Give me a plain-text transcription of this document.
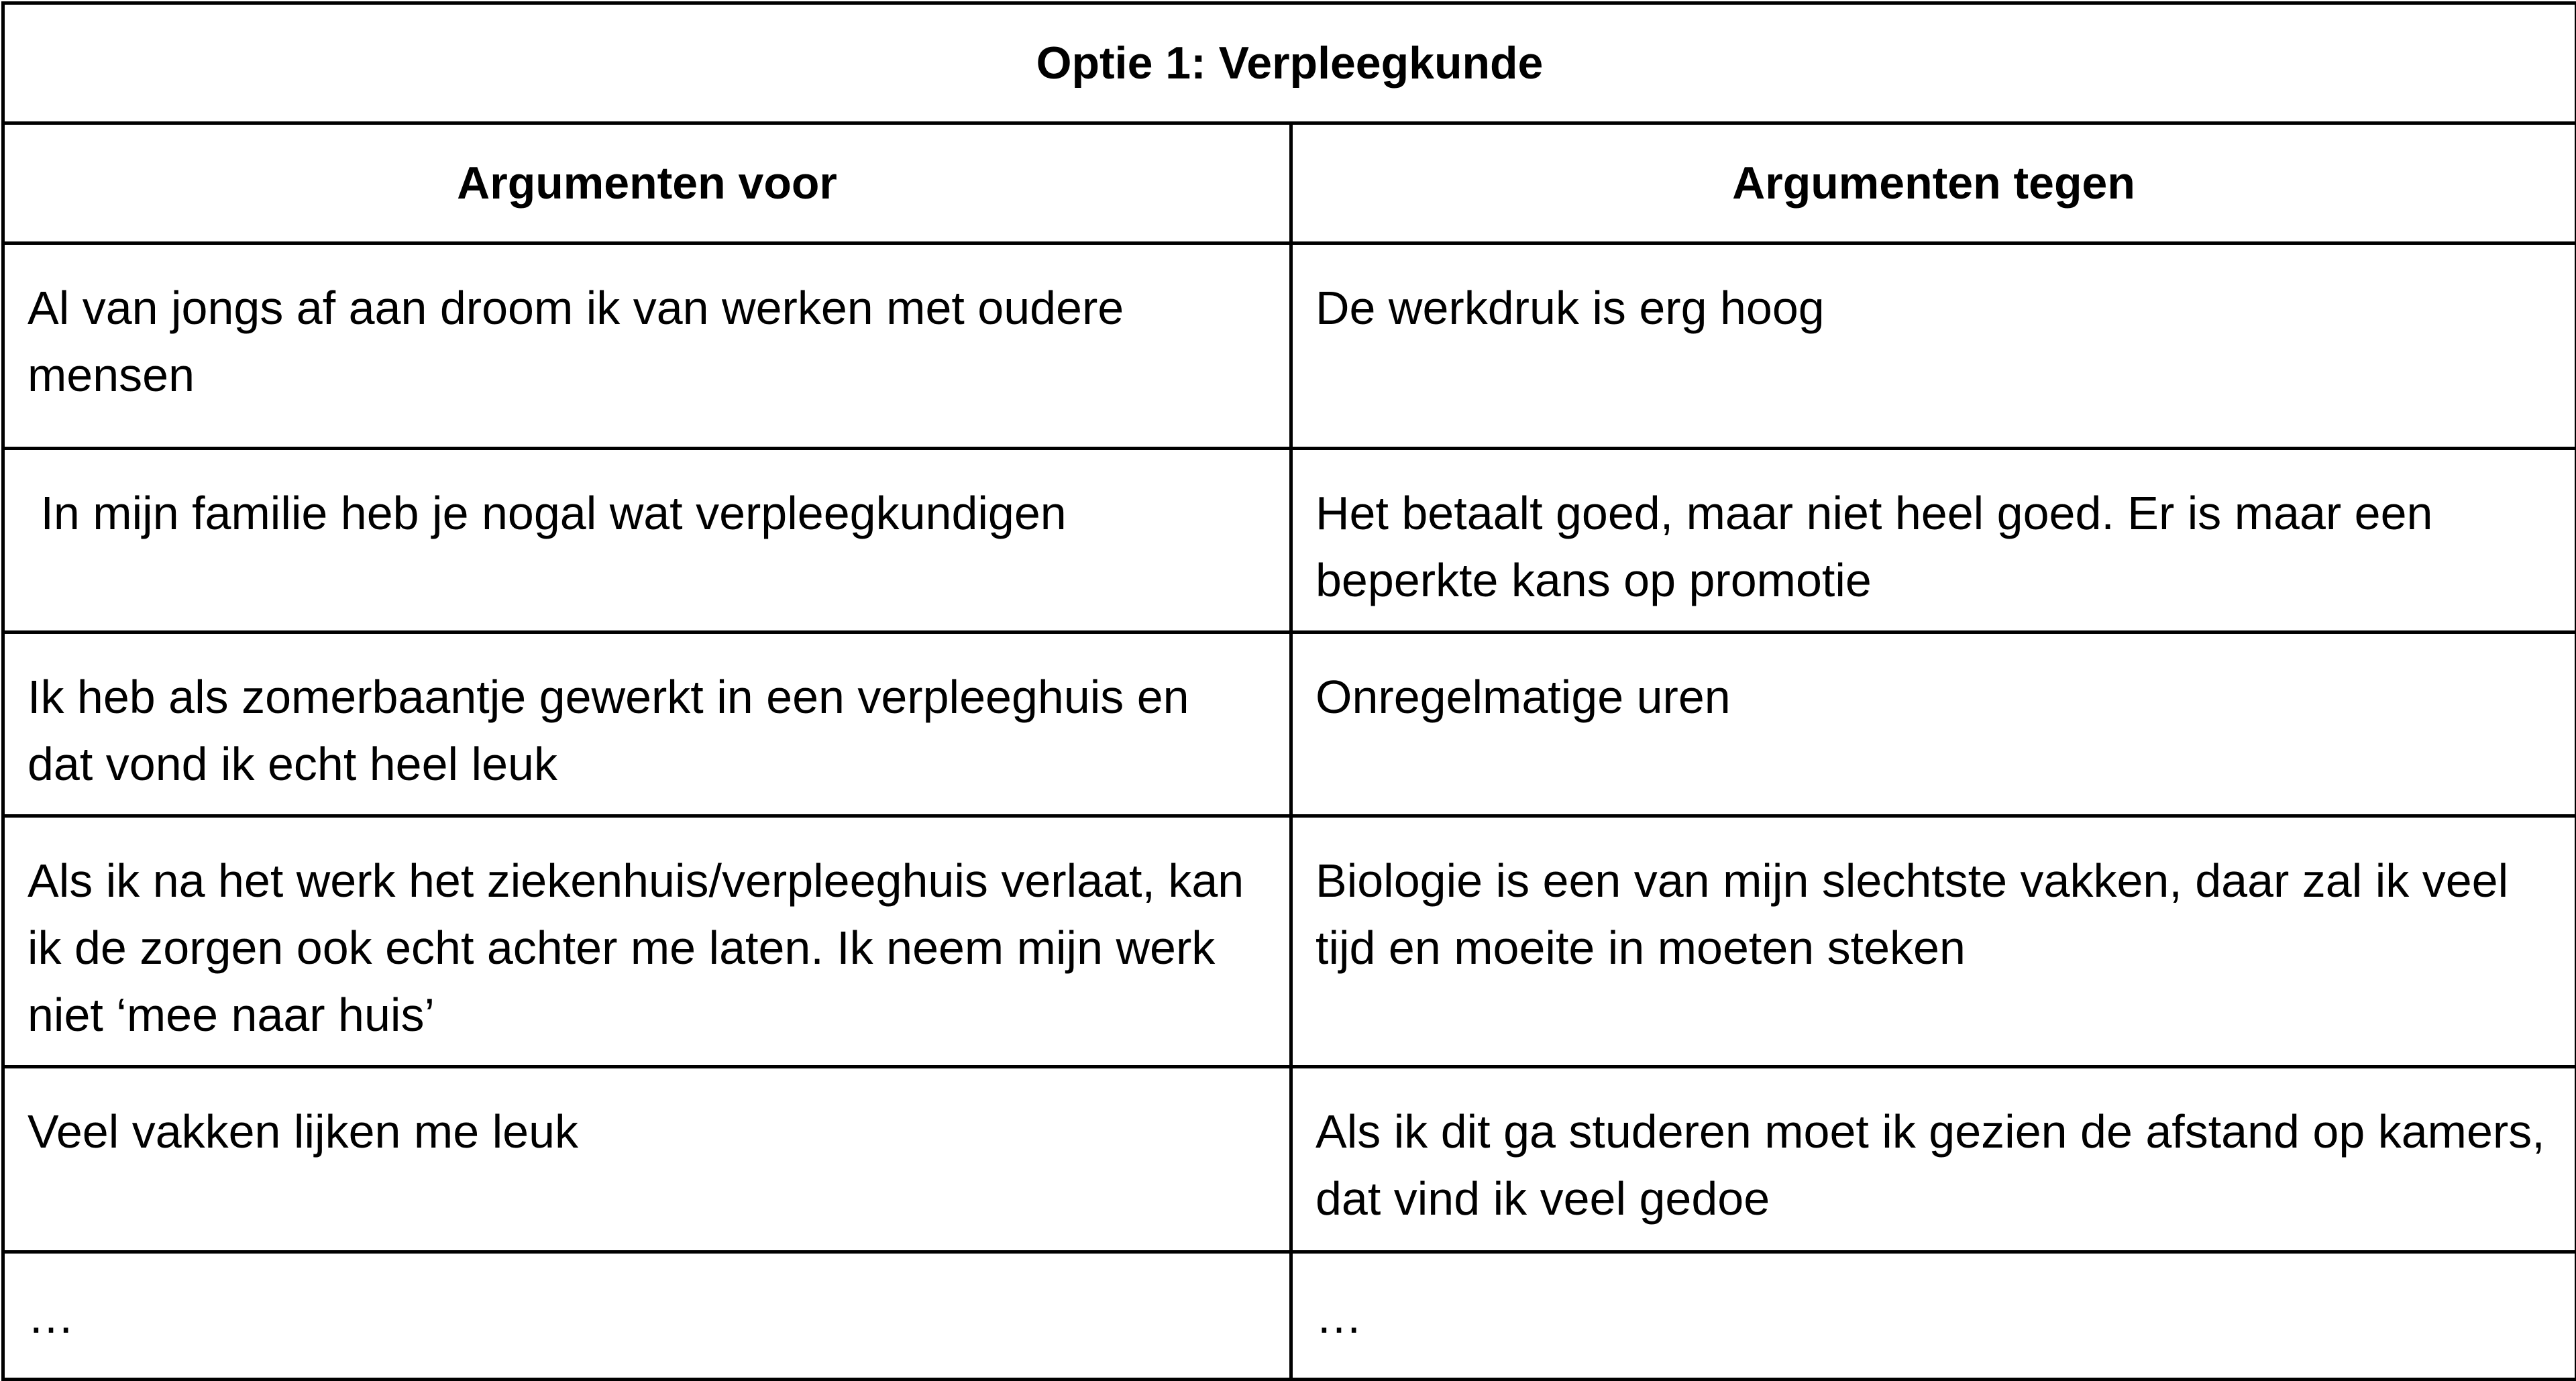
Optie 1: Verpleegkunde	
Argumenten voor	Argumenten tegen
Al van jongs af aan droom ik van werken met oudere mensen	De werkdruk is erg hoog
In mijn familie heb je nogal wat verpleegkundigen	Het betaalt goed, maar niet heel goed. Er is maar een beperkte kans op promotie
Ik heb als zomerbaantje gewerkt in een verpleeghuis en dat vond ik echt heel leuk	Onregelmatige uren
Als ik na het werk het ziekenhuis/verpleeghuis verlaat, kan ik de zorgen ook echt achter me laten. Ik neem mijn werk niet ‘mee naar huis’	Biologie is een van mijn slechtste vakken, daar zal ik veel tijd en moeite in moeten steken
Veel vakken lijken me leuk	Als ik dit ga studeren moet ik gezien de afstand op kamers, dat vind ik veel gedoe
…	…
